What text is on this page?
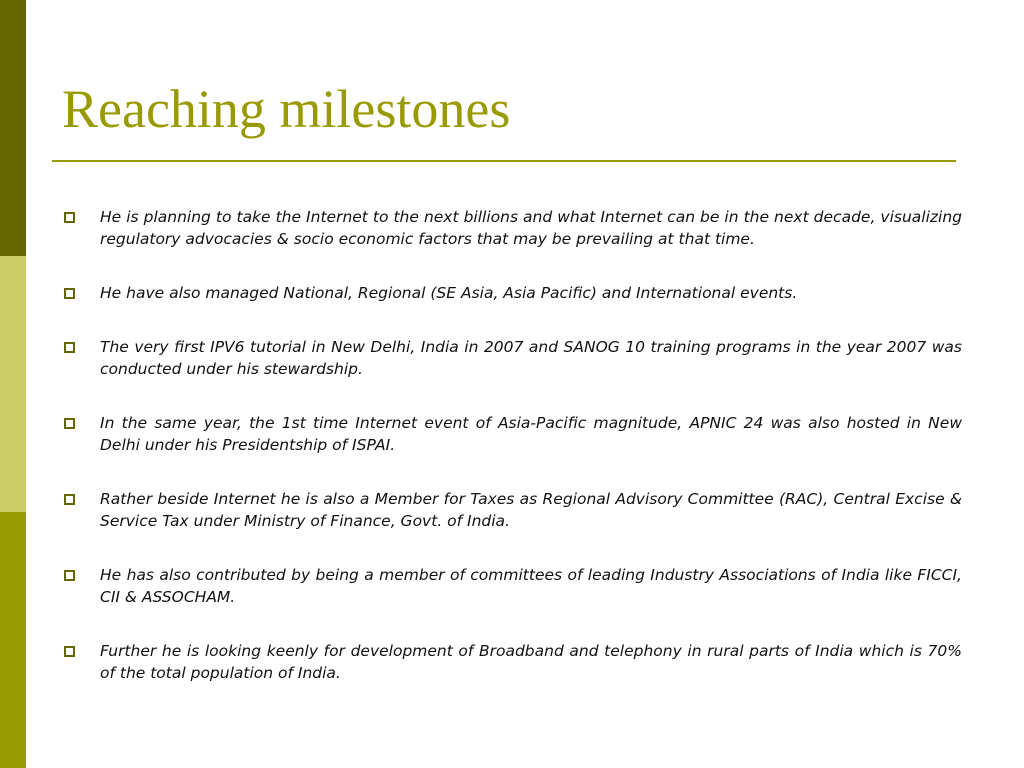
Reaching milestones
He is planning to take the Internet to the next billions and what Internet can be in the next decade, visualizing regulatory advocacies & socio economic factors that may be prevailing at that time.
He have also managed National, Regional (SE Asia, Asia Pacific) and International events.
The very first IPV6 tutorial in New Delhi, India in 2007 and SANOG 10 training programs in the year 2007 was conducted under his stewardship.
In the same year, the 1st time Internet event of Asia-Pacific magnitude, APNIC 24 was also hosted in New Delhi under his Presidentship of ISPAI.
Rather beside Internet he is also a Member for Taxes as Regional Advisory Committee (RAC), Central Excise & Service Tax under Ministry of Finance, Govt. of India.
He has also contributed by being a member of committees of leading Industry Associations of India like FICCI, CII & ASSOCHAM.
Further he is looking keenly for development of Broadband and telephony in rural parts of India which is 70% of the total population of India.
